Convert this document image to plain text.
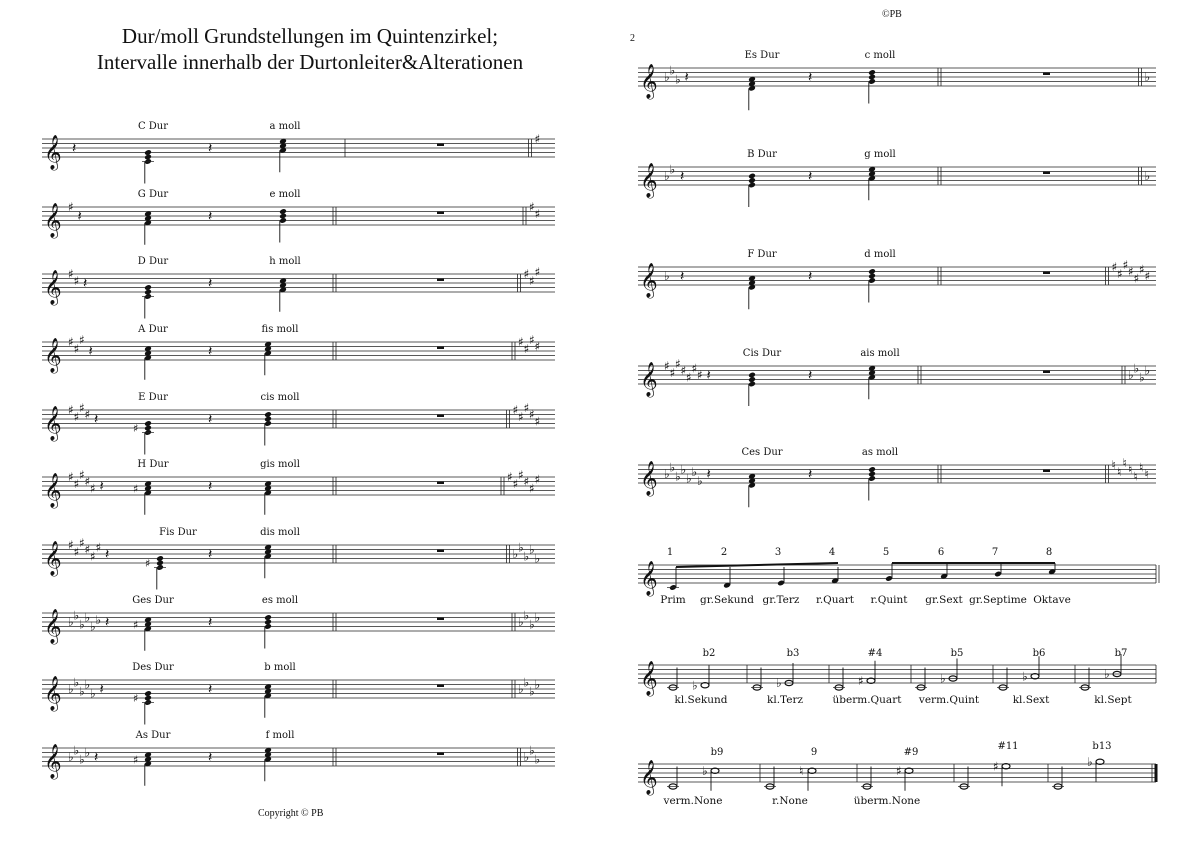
Dur/moll Grundstellungen im Quintenzirkel;
Intervalle innerhalb der Durtonleiter&Alterationen
©PB
2
Copyright © PB
𝄞 𝄽	𝄽
C Dur	a moll
♯
𝄞 ♯
𝄽	𝄽
G Dur	e moll
♯ ♯
𝄞 ♯ ♯ 𝄽	𝄽
D Dur	h moll
♯ ♯
♯
𝄞 ♯ ♯
♯
𝄽	𝄽
A Dur	fis moll
♯ ♯
♯ ♯
𝄞 ♯ ♯
♯ ♯ 𝄽
♯
𝄽
E Dur	cis moll
♯ ♯
♯ ♯ ♯
𝄞 ♯ ♯
♯ ♯ ♯ 𝄽	♯	𝄽
H Dur	gis moll
♯ ♯
♯ ♯ ♯
♯
𝄞 ♯ ♯
♯ ♯ ♯
♯ 𝄽
♯
𝄽
Fis Dur	dis moll
♭ ♭
♭ ♭
♭
𝄞 ♭ ♭
♭ ♭
♭ ♭ 𝄽 ♯	𝄽
Ges Dur	es moll
♭ ♭
♭ ♭
𝄞 ♭ ♭
♭ ♭
♭ 𝄽
♯
𝄽
Des Dur	b moll
♭ ♭
♭ ♭
𝄞 ♭ ♭
♭ ♭ 𝄽	♯	𝄽
As Dur	f moll
♭ ♭
♭
𝄞 ♭ ♭
♭ 𝄽	𝄽
Es Dur	c moll
♭
𝄞 ♭ ♭ 𝄽	𝄽
B Dur	g moll
♭
𝄞 ♭ 𝄽	𝄽
F Dur	d moll
♯ ♯
♯ ♯ ♯
♯ ♯
𝄞 ♯ ♯
♯ ♯ ♯
♯ ♯ 𝄽	𝄽
Cis Dur	ais moll
♭ ♭
♭ ♭
𝄞 ♭ ♭
♭ ♭
♭ ♭
♭ 𝄽	𝄽
Ces Dur	as moll
♮ ♮
♮ ♮ ♮
♮ ♮
𝄞
1
Prim
2
gr.Sekund
3
gr.Terz
4
r.Quart
5
r.Quint
6
gr.Sext
7
gr.Septime
8
Oktave
𝄞	♭
b2
kl.Sekund
♭
b3
kl.Terz
♯
#4
überm.Quart
♭
b5
verm.Quint
♭
b6
kl.Sext
♭
b7
kl.Sept
𝄞	♭
b9
verm.None
♮
9
r.None
♯
#9
überm.None
♯
#11
♭
b13
